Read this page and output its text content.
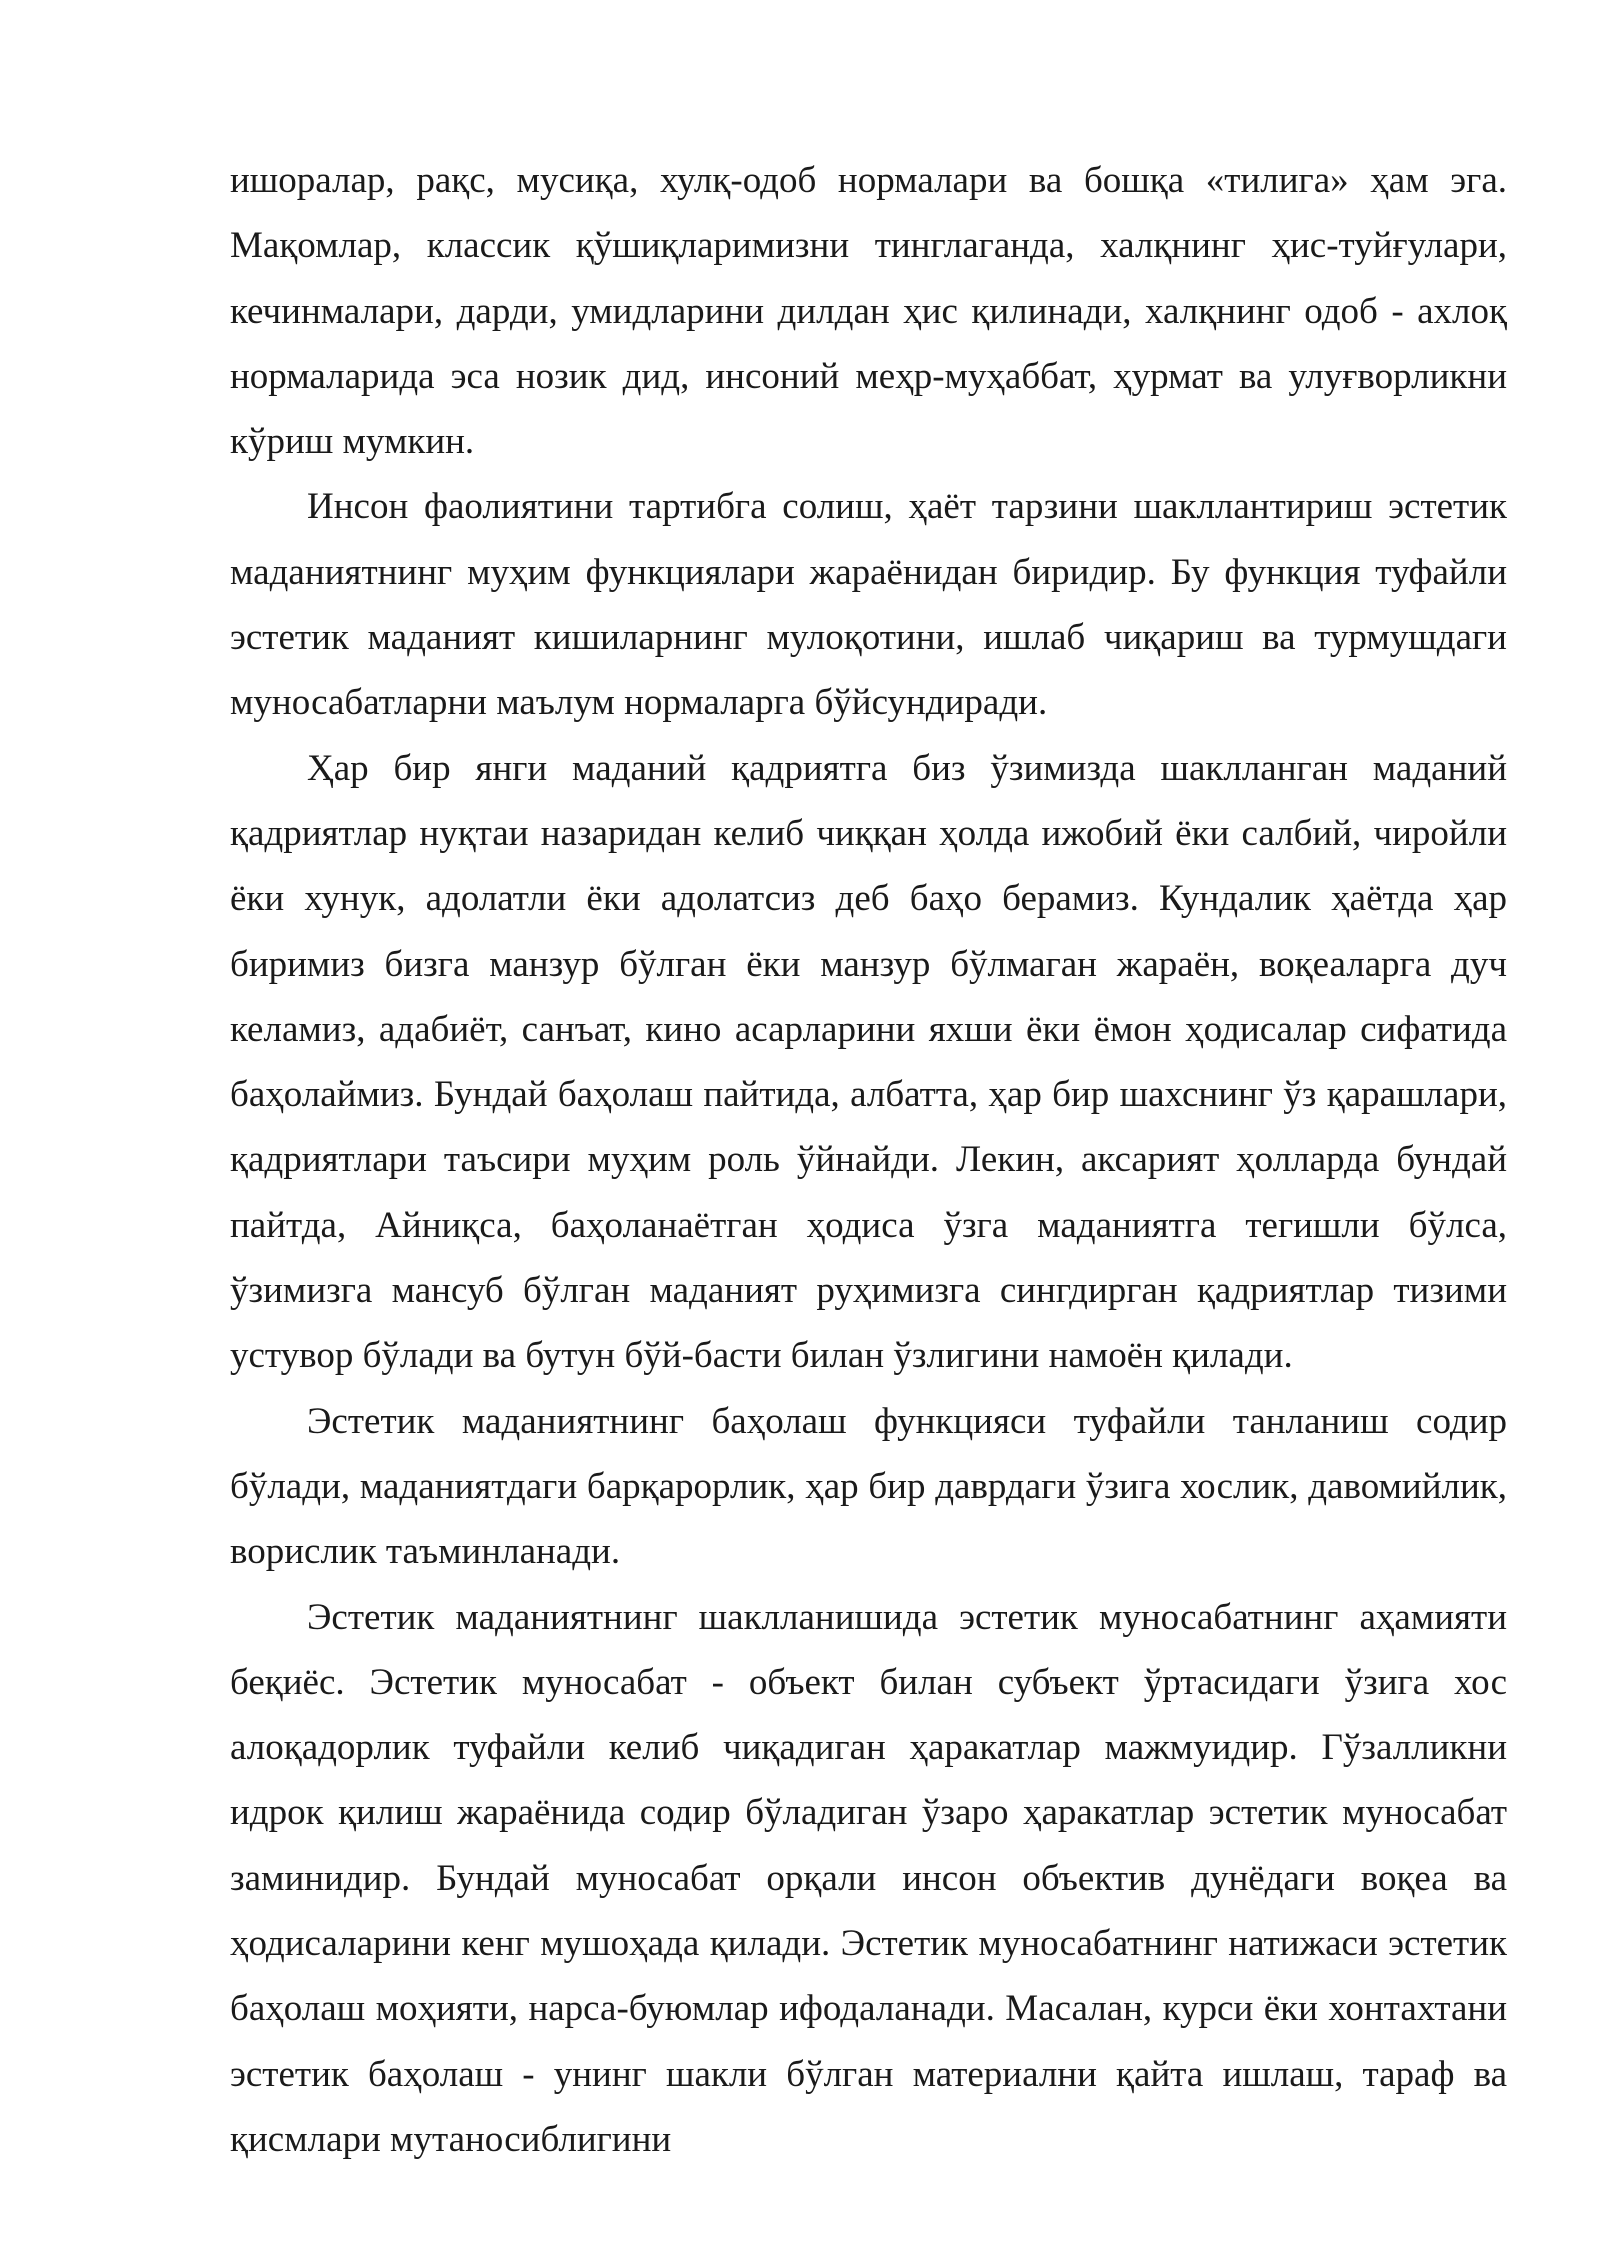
ишоралар, рақс, мусиқа, хулқ-одоб нормалари ва бошқа «тилига» ҳам эга. Мақомлар, классик қўшиқларимизни тинглаганда, халқнинг ҳис-туйғулари, кечинмалари, дарди, умидларини дилдан ҳис қилинади, халқнинг одоб - ахлоқ нормаларида эса нозик дид, инсоний меҳр-муҳаббат, ҳурмат ва улуғворликни кўриш мумкин.

Инсон фаолиятини тартибга солиш, ҳаёт тарзини шакллантириш эстетик маданиятнинг муҳим функциялари жараёнидан биридир. Бу функция туфайли эстетик маданият кишиларнинг мулоқотини, ишлаб чиқариш ва турмушдаги муносабатларни маълум нормаларга бўйсундиради.

Ҳар бир янги маданий қадриятга биз ўзимизда шаклланган маданий қадриятлар нуқтаи назаридан келиб чиққан ҳолда ижобий ёки салбий, чиройли ёки хунук, адолатли ёки адолатсиз деб баҳо берамиз. Кундалик ҳаётда ҳар биримиз бизга манзур бўлган ёки манзур бўлмаган жараён, воқеаларга дуч келамиз, адабиёт, санъат, кино асарларини яхши ёки ёмон ҳодисалар сифатида баҳолаймиз. Бундай баҳолаш пайтида, албатта, ҳар бир шахснинг ўз қарашлари, қадриятлари таъсири муҳим роль ўйнайди. Лекин, аксарият ҳолларда бундай пайтда, Айниқса, баҳоланаётган ҳодиса ўзга маданиятга тегишли бўлса, ўзимизга мансуб бўлган маданият руҳимизга сингдирган қадриятлар тизими устувор бўлади ва бутун бўй-басти билан ўзлигини намоён қилади.

Эстетик маданиятнинг баҳолаш функцияси туфайли танланиш содир бўлади, маданиятдаги барқарорлик, ҳар бир даврдаги ўзига хослик, давомийлик, ворислик таъминланади.

Эстетик маданиятнинг шаклланишида эстетик муносабатнинг аҳамияти беқиёс. Эстетик муносабат - объект билан субъект ўртасидаги ўзига хос алоқадорлик туфайли келиб чиқадиган ҳаракатлар мажмуидир. Гўзалликни идрок қилиш жараёнида содир бўладиган ўзаро ҳаракатлар эстетик муносабат заминидир. Бундай муносабат орқали инсон объектив дунёдаги воқеа ва ҳодисаларини кенг мушоҳада қилади. Эстетик муносабатнинг натижаси эстетик баҳолаш моҳияти, нарса-буюмлар ифодаланади. Масалан, курси ёки хонтахтани эстетик баҳолаш - унинг шакли бўлган материални қайта ишлаш, тараф ва қисмлари мутаносиблигини
